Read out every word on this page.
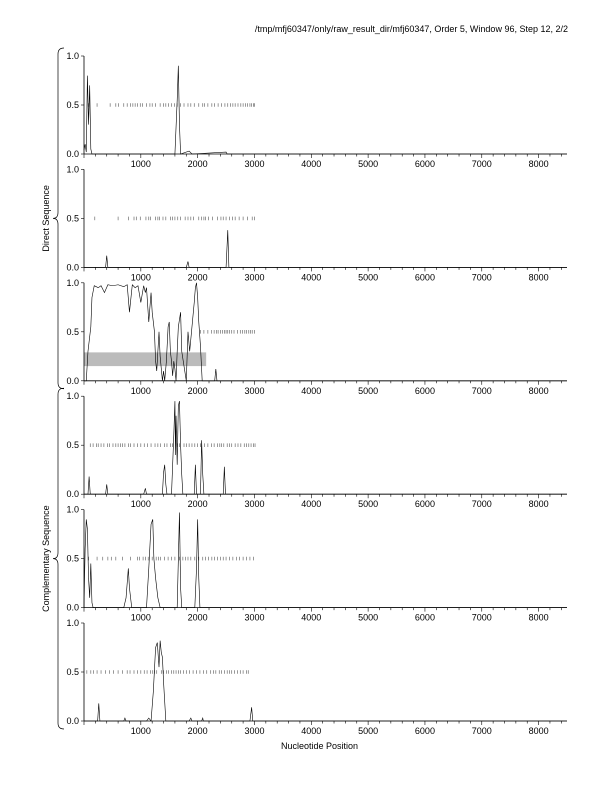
/tmp/mfj60347/only/raw_result_dir/mfj60347, Order 5, Window 96, Step 12, 2/2
0.0
0.5
1.0
1000	2000	3000	4000	5000	6000	7000	8000
0.0
0.5
1.0
1000	2000	3000	4000	5000	6000	7000	8000
0.0
0.5
1.0
1000	2000	3000	4000	5000	6000	7000	8000
0.0
0.5
1.0
1000	2000	3000	4000	5000	6000	7000	8000
0.0
0.5
1.0
1000	2000	3000	4000	5000	6000	7000	8000
0.0
0.5
1.0
1000	2000	3000	4000	5000	6000	7000	8000
Direct Sequence
Complementary Sequence
Nucleotide Position
